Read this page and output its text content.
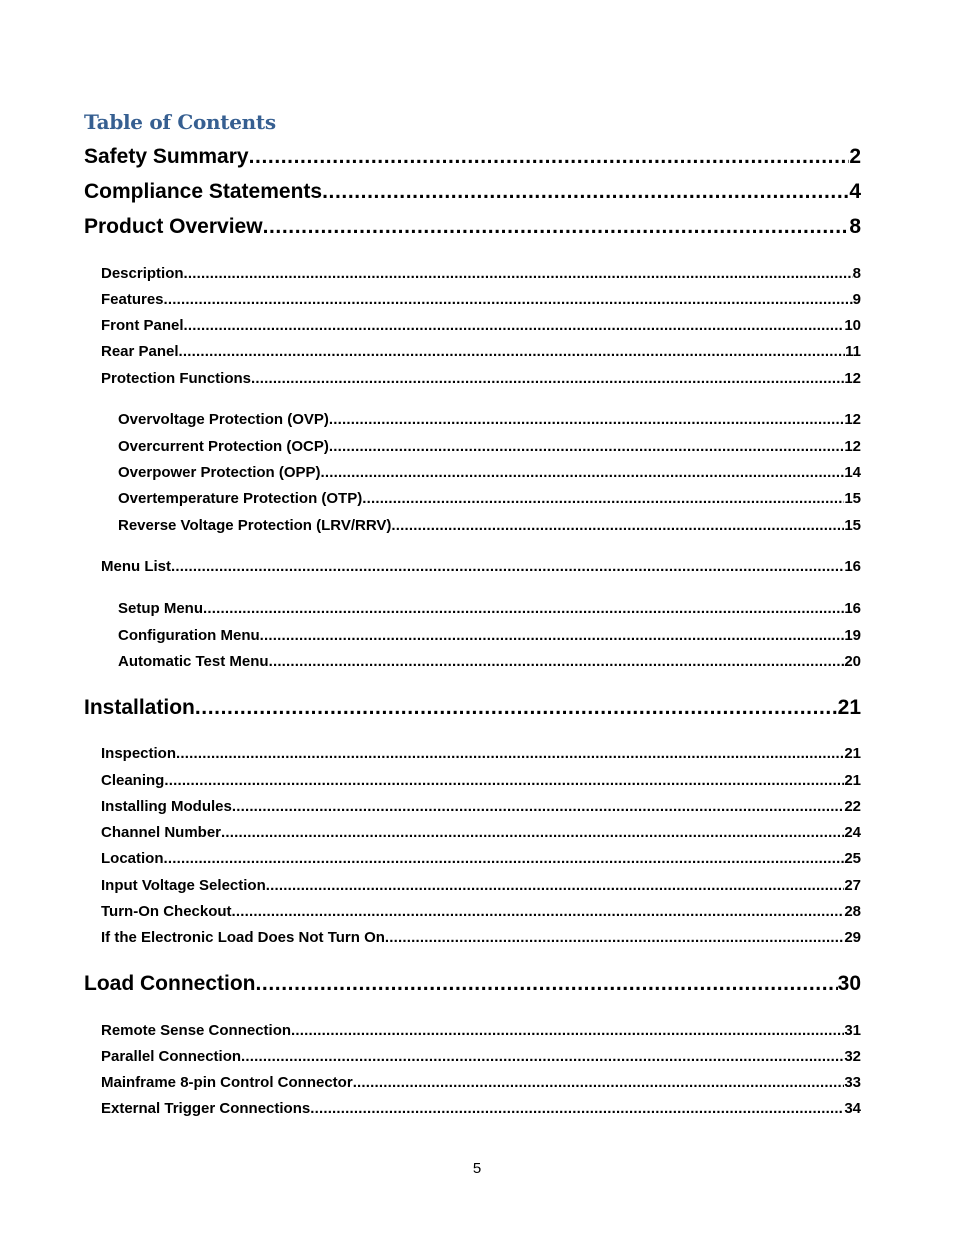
Table of Contents
Safety Summary .....	2
Compliance Statements .....	4
Product Overview .....	8
Description .....	8
Features .....	9
Front Panel .....	10
Rear Panel .....	11
Protection Functions .....	12
Overvoltage Protection (OVP) .....	12
Overcurrent Protection (OCP) .....	12
Overpower Protection (OPP) .....	14
Overtemperature Protection (OTP) .....	15
Reverse Voltage Protection (LRV/RRV) .....	15
Menu List .....	16
Setup Menu .....	16
Configuration Menu .....	19
Automatic Test Menu .....	20
Installation .....	21
Inspection .....	21
Cleaning .....	21
Installing Modules .....	22
Channel Number .....	24
Location .....	25
Input Voltage Selection .....	27
Turn-On Checkout .....	28
If the Electronic Load Does Not Turn On .....	29
Load Connection .....	30
Remote Sense Connection .....	31
Parallel Connection .....	32
Mainframe 8-pin Control Connector .....	33
External Trigger Connections .....	34
5
